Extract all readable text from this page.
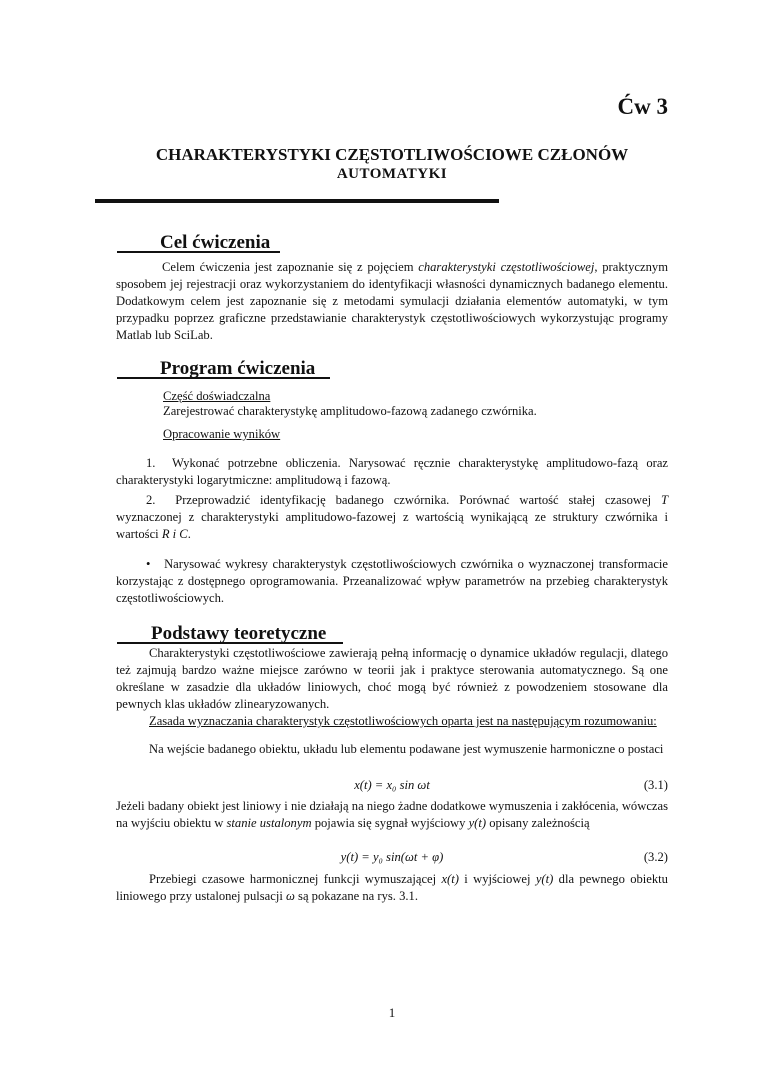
Ćw 3
CHARAKTERYSTYKI CZĘSTOTLIWOŚCIOWE CZŁONÓW
AUTOMATYKI
Cel ćwiczenia
Celem ćwiczenia jest zapoznanie się z pojęciem charakterystyki częstotliwościowej, praktycznym sposobem jej rejestracji oraz wykorzystaniem do identyfikacji własności dynamicznych badanego elementu. Dodatkowym celem jest zapoznanie się z metodami symulacji działania elementów automatyki, w tym przypadku poprzez graficzne przedstawianie charakterystyk częstotliwościowych wykorzystując programy Matlab lub SciLab.
Program ćwiczenia
Część doświadczalna
Zarejestrować charakterystykę amplitudowo-fazową zadanego czwórnika.
Opracowanie wyników
1. Wykonać potrzebne obliczenia. Narysować ręcznie charakterystykę amplitudowo-fazą oraz charakterystyki logarytmiczne: amplitudową i fazową.
2. Przeprowadzić identyfikację badanego czwórnika. Porównać wartość stałej czasowej T wyznaczonej z charakterystyki amplitudowo-fazowej z wartością wynikającą ze struktury czwórnika i wartości R i C.
• Narysować wykresy charakterystyk częstotliwościowych czwórnika o wyznaczonej transformacie korzystając z dostępnego oprogramowania. Przeanalizować wpływ parametrów na przebieg charakterystyk częstotliwościowych.
Podstawy teoretyczne
Charakterystyki częstotliwościowe zawierają pełną informację o dynamice układów regulacji, dlatego też zajmują bardzo ważne miejsce zarówno w teorii jak i praktyce sterowania automatycznego. Są one określane w zasadzie dla układów liniowych, choć mogą być również z powodzeniem stosowane dla pewnych klas układów zlinearyzowanych.
Zasada wyznaczania charakterystyk częstotliwościowych oparta jest na następującym rozumowaniu:
Na wejście badanego obiektu, układu lub elementu podawane jest wymuszenie harmoniczne o postaci
x(t) = x₀ sin ωt	(3.1)
Jeżeli badany obiekt jest liniowy i nie działają na niego żadne dodatkowe wymuszenia i zakłócenia, wówczas na wyjściu obiektu w stanie ustalonym pojawia się sygnał wyjściowy y(t) opisany zależnością
y(t) = y₀ sin(ωt + φ)	(3.2)
Przebiegi czasowe harmonicznej funkcji wymuszającej x(t) i wyjściowej y(t) dla pewnego obiektu liniowego przy ustalonej pulsacji ω są pokazane na rys. 3.1.
1
